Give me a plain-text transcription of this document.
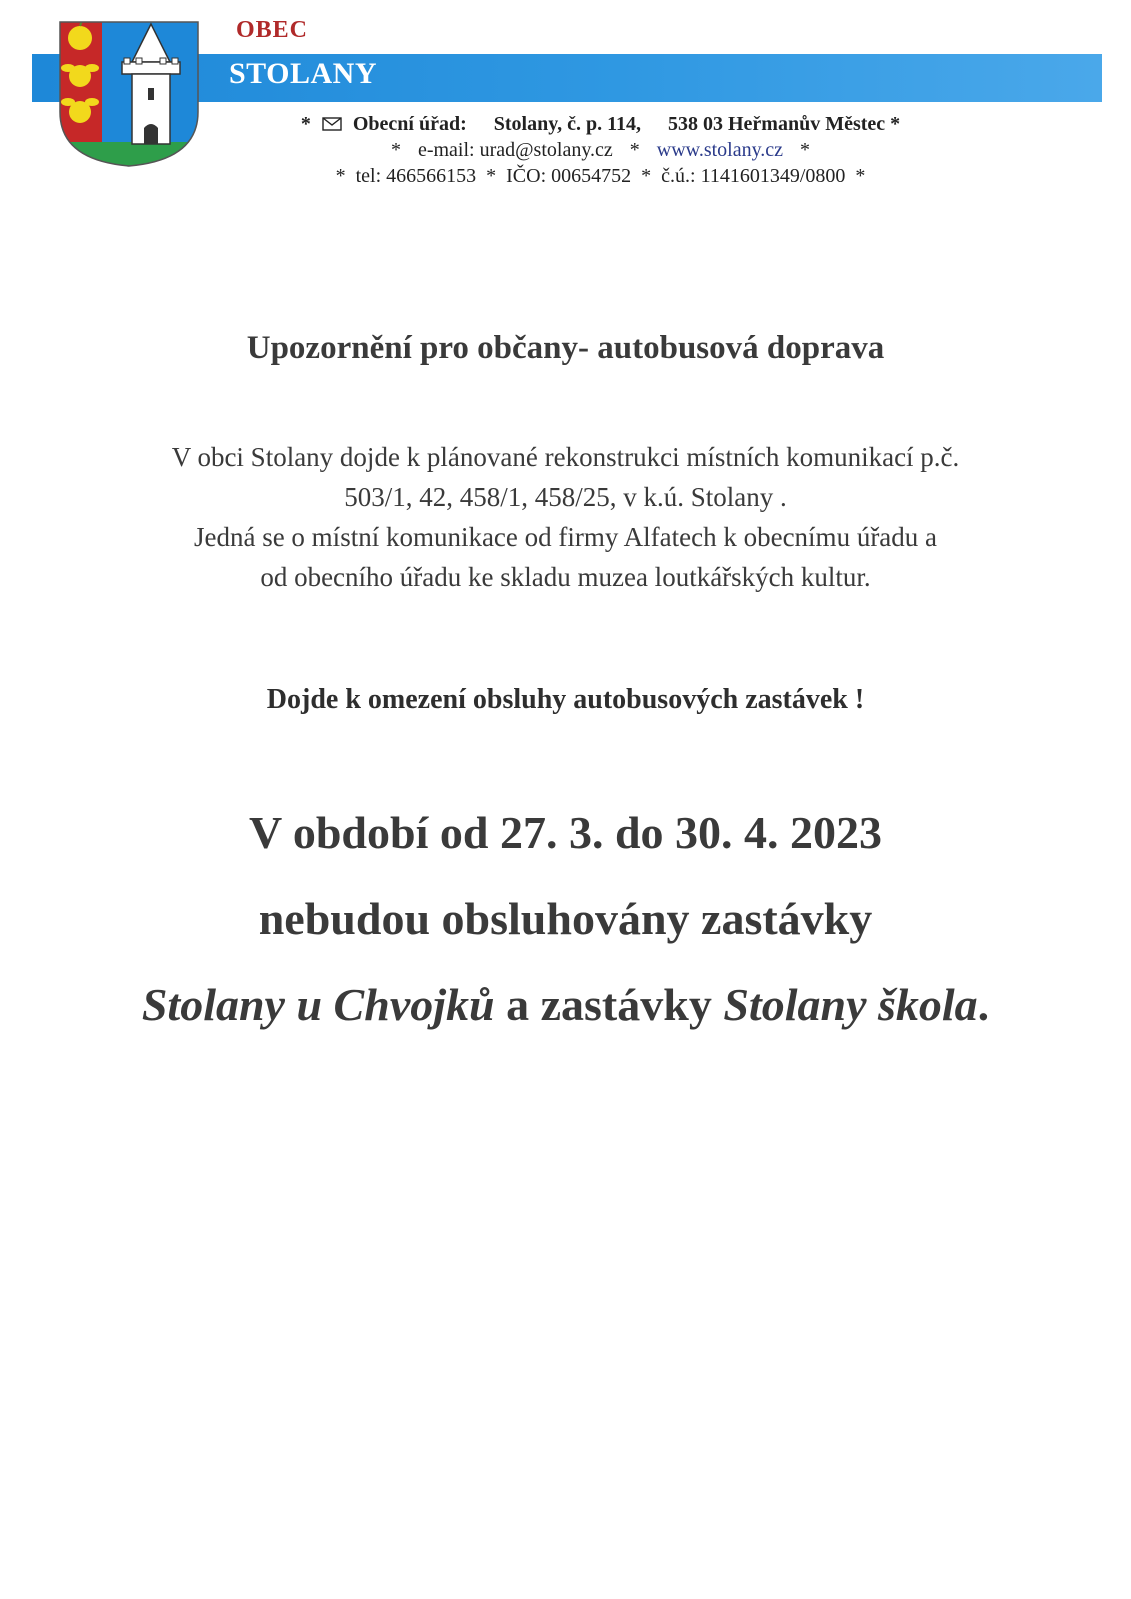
OBEC
STOLANY
* Obecní úřad: Stolany, č. p. 114, 538 03 Heřmanův Městec *
* e-mail: urad@stolany.cz * www.stolany.cz *
*  tel: 466566153  *  IČO: 00654752  *  č.ú.: 1141601349/0800  *
Upozornění pro občany- autobusová doprava
V obci Stolany dojde k plánované rekonstrukci místních komunikací p.č.
503/1, 42, 458/1, 458/25, v k.ú. Stolany .
Jedná se o místní komunikace od firmy Alfatech k obecnímu úřadu a
od obecního úřadu ke skladu muzea loutkářských kultur.
Dojde k omezení obsluhy autobusových zastávek !
V období od 27. 3. do 30. 4. 2023
nebudou obsluhovány zastávky
Stolany u Chvojků a zastávky Stolany škola.
